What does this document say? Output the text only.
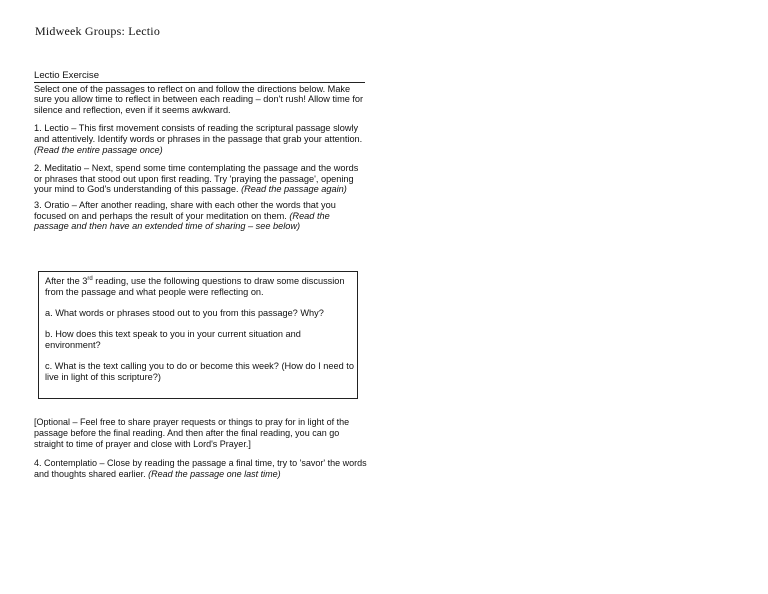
Midweek Groups: Lectio
Lectio Exercise

Select one of the passages to reflect on and follow the directions below. Make sure you allow time to reflect in between each reading – don't rush! Allow time for silence and reflection, even if it seems awkward.

1. Lectio – This first movement consists of reading the scriptural passage slowly and attentively. Identify words or phrases in the passage that grab your attention. (Read the entire passage once)

2. Meditatio – Next, spend some time contemplating the passage and the words or phrases that stood out upon first reading. Try 'praying the passage', opening your mind to God's understanding of this passage. (Read the passage again)

3. Oratio – After another reading, share with each other the words that you focused on and perhaps the result of your meditation on them. (Read the passage and then have an extended time of sharing – see below)

After the 3rd reading, use the following questions to draw some discussion from the passage and what people were reflecting on.

a. What words or phrases stood out to you from this passage? Why?

b. How does this text speak to you in your current situation and environment?

c. What is the text calling you to do or become this week? (How do I need to live in light of this scripture?)

[Optional – Feel free to share prayer requests or things to pray for in light of the passage before the final reading. And then after the final reading, you can go straight to time of prayer and close with Lord's Prayer.]

4. Contemplatio – Close by reading the passage a final time, try to 'savor' the words and thoughts shared earlier. (Read the passage one last time)
